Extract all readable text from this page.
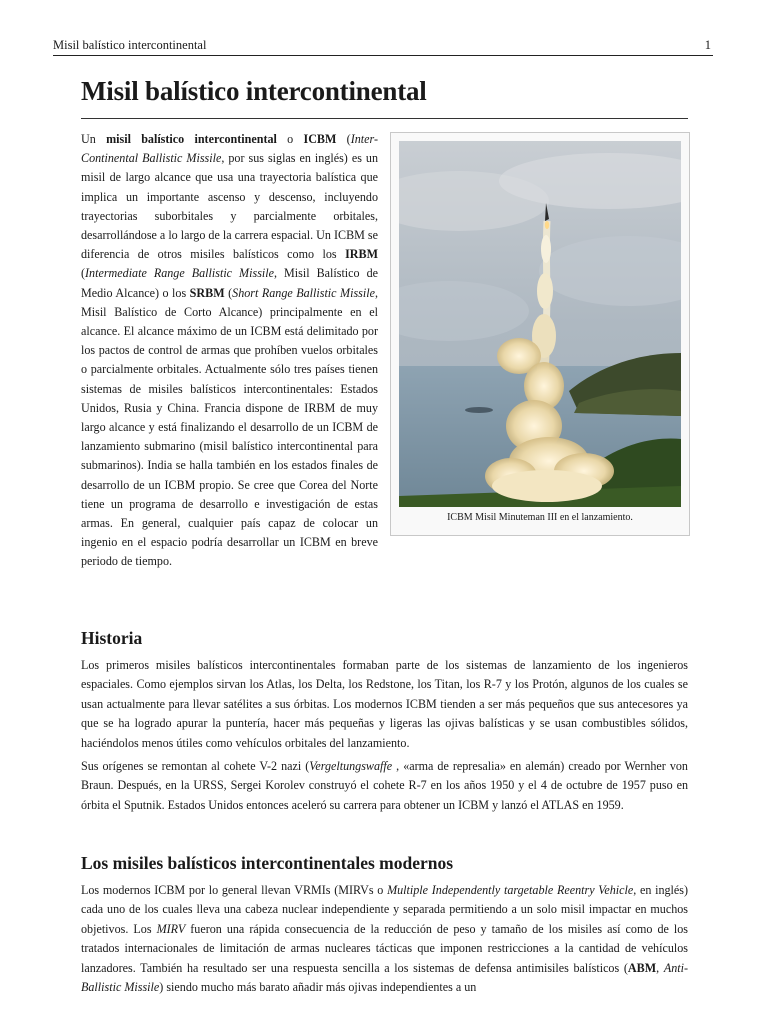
Misil balístico intercontinental	1
Misil balístico intercontinental

ICBM Misil Minuteman III en el lanzamiento.
Un misil balístico intercontinental o ICBM (Inter-Continental Ballistic Missile, por sus siglas en inglés) es un misil de largo alcance que usa una trayectoria balística que implica un importante ascenso y descenso, incluyendo trayectorias suborbitales y parcialmente orbitales, desarrollándose a lo largo de la carrera espacial. Un ICBM se diferencia de otros misiles balísticos como los IRBM (Intermediate Range Ballistic Missile, Misil Balístico de Medio Alcance) o los SRBM (Short Range Ballistic Missile, Misil Balístico de Corto Alcance) principalmente en el alcance. El alcance máximo de un ICBM está delimitado por los pactos de control de armas que prohíben vuelos orbitales o parcialmente orbitales. Actualmente sólo tres países tienen sistemas de misiles balísticos intercontinentales: Estados Unidos, Rusia y China. Francia dispone de IRBM de muy largo alcance y está finalizando el desarrollo de un ICBM de lanzamiento submarino (misil balístico intercontinental para submarinos). India se halla también en los estados finales de desarrollo de un ICBM propio. Se cree que Corea del Norte tiene un programa de desarrollo e investigación de estas armas. En general, cualquier país capaz de colocar un ingenio en el espacio podría desarrollar un ICBM en breve periodo de tiempo.

Historia

Los primeros misiles balísticos intercontinentales formaban parte de los sistemas de lanzamiento de los ingenieros espaciales. Como ejemplos sirvan los Atlas, los Delta, los Redstone, los Titan, los R-7 y los Protón, algunos de los cuales se usan actualmente para llevar satélites a sus órbitas. Los modernos ICBM tienden a ser más pequeños que sus antecesores ya que se ha logrado apurar la puntería, hacer más pequeñas y ligeras las ojivas balísticas y se usan combustibles sólidos, haciéndolos menos útiles como vehículos orbitales del lanzamiento.

Sus orígenes se remontan al cohete V-2 nazi (Vergeltungswaffe , «arma de represalia» en alemán) creado por Wernher von Braun. Después, en la URSS, Sergei Korolev construyó el cohete R-7 en los años 1950 y el 4 de octubre de 1957 puso en órbita el Sputnik. Estados Unidos entonces aceleró su carrera para obtener un ICBM y lanzó el ATLAS en 1959.

Los misiles balísticos intercontinentales modernos

Los modernos ICBM por lo general llevan VRMIs (MIRVs o Multiple Independently targetable Reentry Vehicle, en inglés) cada uno de los cuales lleva una cabeza nuclear independiente y separada permitiendo a un solo misil impactar en muchos objetivos. Los MIRV fueron una rápida consecuencia de la reducción de peso y tamaño de los misiles así como de los tratados internacionales de limitación de armas nucleares tácticas que imponen restricciones a la cantidad de vehículos lanzadores. También ha resultado ser una respuesta sencilla a los sistemas de defensa antimisiles balísticos (ABM, Anti-Ballistic Missile) siendo mucho más barato añadir más ojivas independientes a un
